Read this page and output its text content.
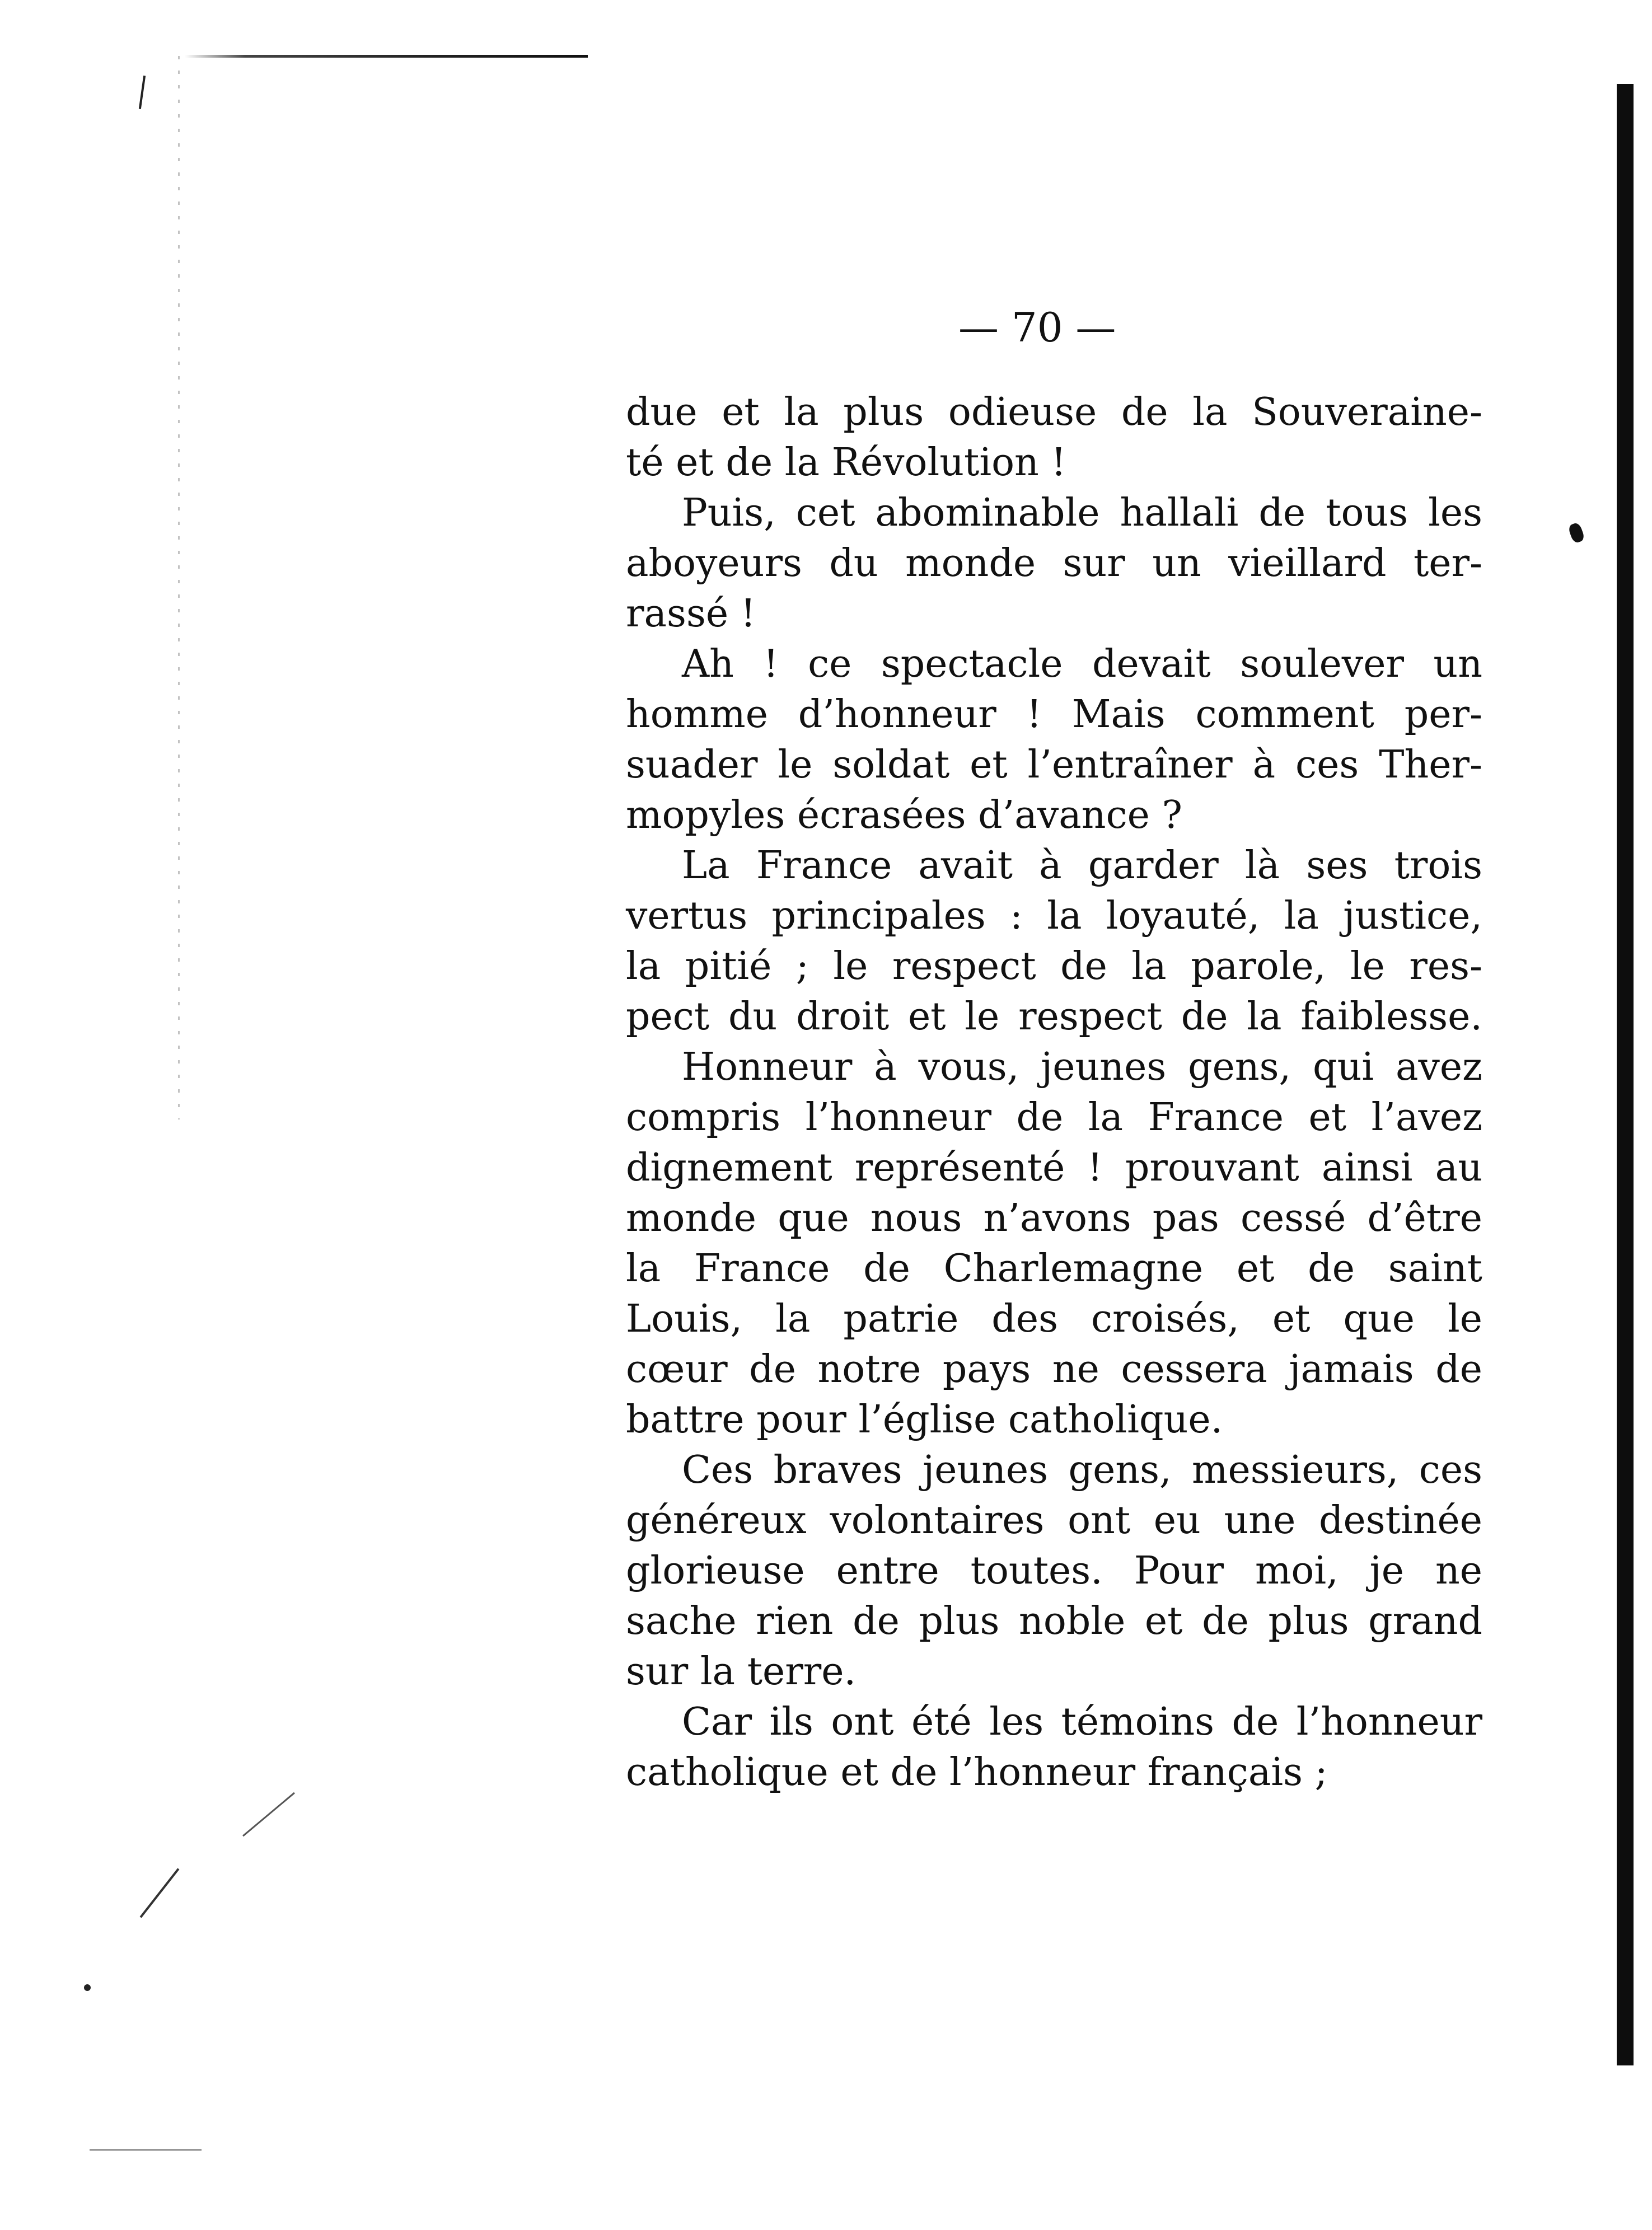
— 70 —

due et la plus odieuse de la Souveraine-
té et de la Révolution !
Puis, cet abominable hallali de tous les
aboyeurs du monde sur un vieillard ter-
rassé !
Ah ! ce spectacle devait soulever un
homme d’honneur ! Mais comment per-
suader le soldat et l’entraîner à ces Ther-
mopyles écrasées d’avance ?
La France avait à garder là ses trois
vertus principales : la loyauté, la justice,
la pitié ; le respect de la parole, le res-
pect du droit et le respect de la faiblesse.
Honneur à vous, jeunes gens, qui avez
compris l’honneur de la France et l’avez
dignement représenté ! prouvant ainsi au
monde que nous n’avons pas cessé d’être
la France de Charlemagne et de saint
Louis, la patrie des croisés, et que le
cœur de notre pays ne cessera jamais de
battre pour l’église catholique.
Ces braves jeunes gens, messieurs, ces
généreux volontaires ont eu une destinée
glorieuse entre toutes. Pour moi, je ne
sache rien de plus noble et de plus grand
sur la terre.
Car ils ont été les témoins de l’honneur
catholique et de l’honneur français ;
